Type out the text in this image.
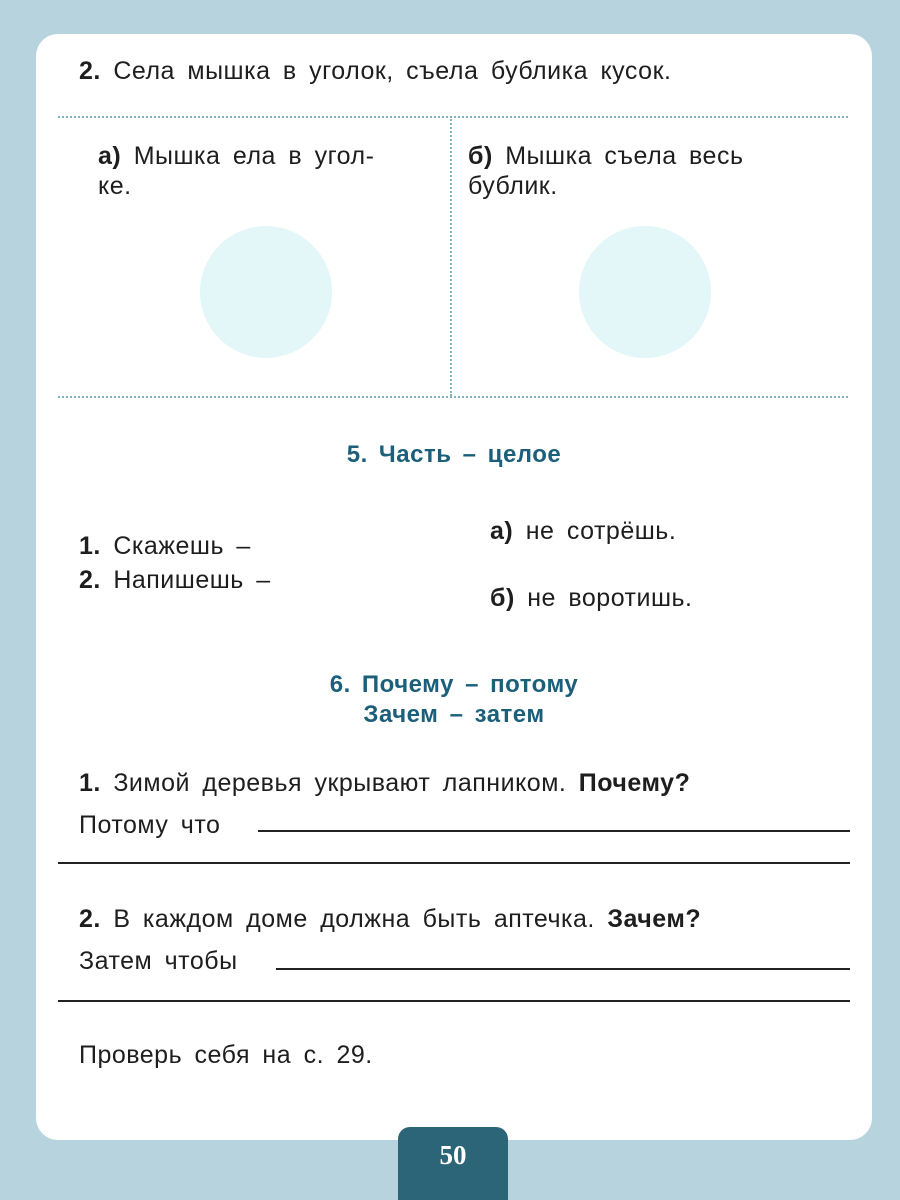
2. Села мышка в уголок, съела бублика кусок.
а) Мышка ела в угол-
ке.
б) Мышка съела весь
бублик.
5. Часть – целое
1. Скажешь –
2. Напишешь –
а) не сотрёшь.
б) не воротишь.
6. Почему – потому
Зачем – затем
1. Зимой деревья укрывают лапником. Почему?
Потому что
2. В каждом доме должна быть аптечка. Зачем?
Затем чтобы
Проверь себя на с. 29.
50
